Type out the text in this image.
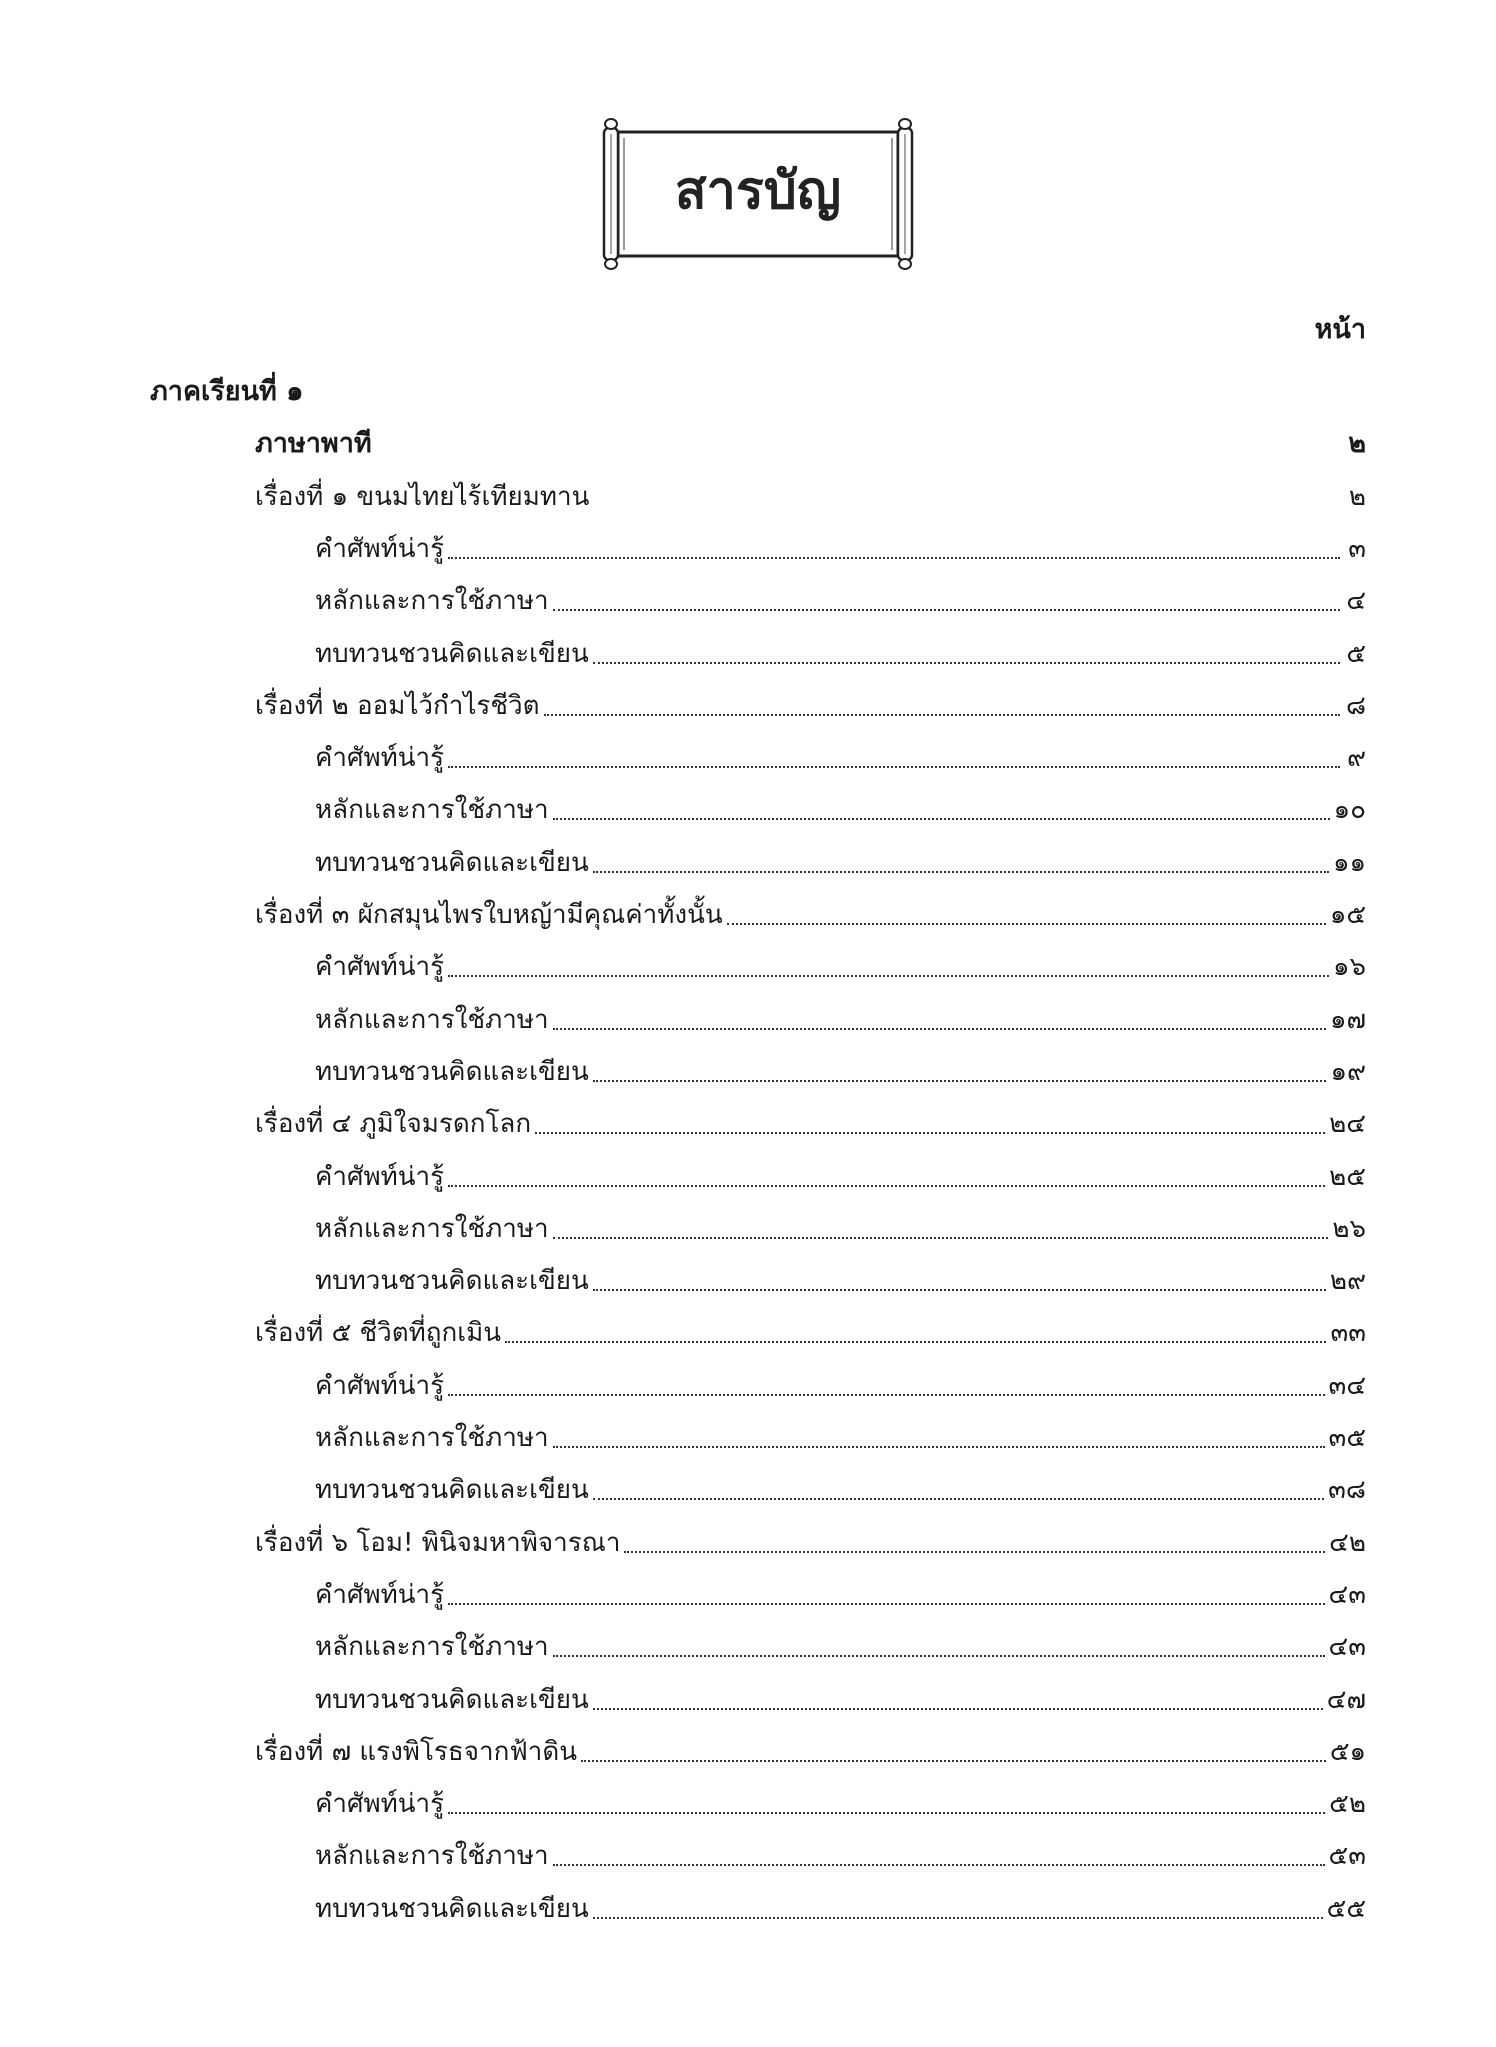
สารบัญ
หน้า
ภาคเรียนที่ ๑
ภาษาพาที	๒
เรื่องที่ ๑ ขนมไทยไร้เทียมทาน	๒
คำศัพท์น่ารู้	๓
หลักและการใช้ภาษา	๔
ทบทวนชวนคิดและเขียน	๕
เรื่องที่ ๒ ออมไว้กำไรชีวิต	๘
คำศัพท์น่ารู้	๙
หลักและการใช้ภาษา	๑๐
ทบทวนชวนคิดและเขียน	๑๑
เรื่องที่ ๓ ผักสมุนไพรใบหญ้ามีคุณค่าทั้งนั้น	๑๕
คำศัพท์น่ารู้	๑๖
หลักและการใช้ภาษา	๑๗
ทบทวนชวนคิดและเขียน	๑๙
เรื่องที่ ๔ ภูมิใจมรดกโลก	๒๔
คำศัพท์น่ารู้	๒๕
หลักและการใช้ภาษา	๒๖
ทบทวนชวนคิดและเขียน	๒๙
เรื่องที่ ๕ ชีวิตที่ถูกเมิน	๓๓
คำศัพท์น่ารู้	๓๔
หลักและการใช้ภาษา	๓๕
ทบทวนชวนคิดและเขียน	๓๘
เรื่องที่ ๖ โอม! พินิจมหาพิจารณา	๔๒
คำศัพท์น่ารู้	๔๓
หลักและการใช้ภาษา	๔๓
ทบทวนชวนคิดและเขียน	๔๗
เรื่องที่ ๗ แรงพิโรธจากฟ้าดิน	๕๑
คำศัพท์น่ารู้	๕๒
หลักและการใช้ภาษา	๕๓
ทบทวนชวนคิดและเขียน	๕๕
